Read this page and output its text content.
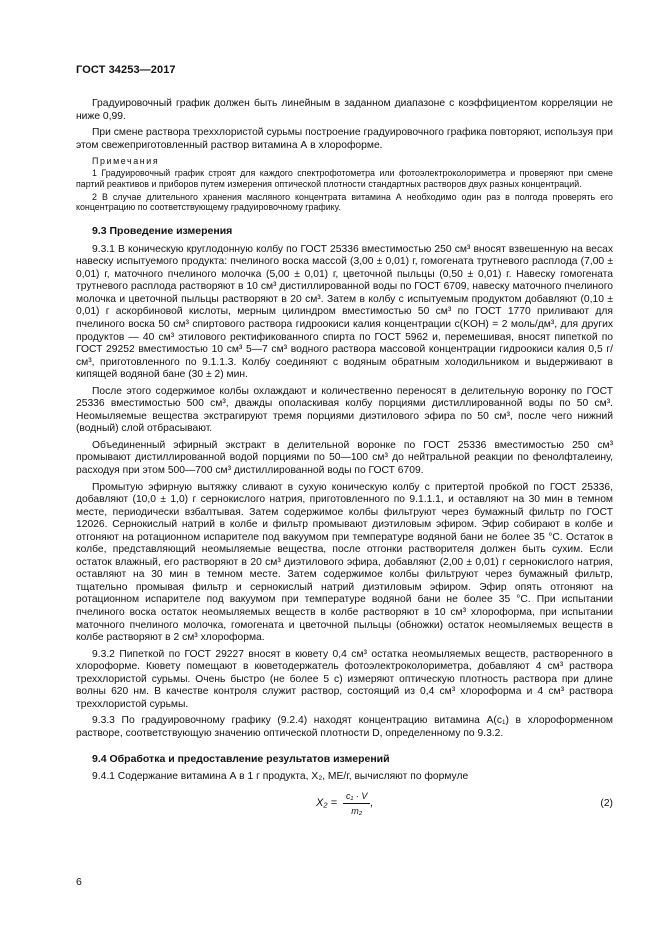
ГОСТ 34253—2017

Градуировочный график должен быть линейным в заданном диапазоне с коэффициентом корреляции не ниже 0,99.

При смене раствора треххлористой сурьмы построение градуировочного графика повторяют, используя при этом свежеприготовленный раствор витамина А в хлороформе.

Примечания

1 Градуировочный график строят для каждого спектрофотометра или фотоэлектроколориметра и проверяют при смене партий реактивов и приборов путем измерения оптической плотности стандартных растворов двух разных концентраций.

2 В случае длительного хранения масляного концентрата витамина А необходимо один раз в полгода проверять его концентрацию по соответствующему градуировочному графику.

9.3 Проведение измерения

9.3.1 В коническую круглодонную колбу по ГОСТ 25336 вместимостью 250 см³ вносят взвешенную на весах навеску испытуемого продукта: пчелиного воска массой (3,00 ± 0,01) г, гомогената трутневого расплода (7,00 ± 0,01) г, маточного пчелиного молочка (5,00 ± 0,01) г, цветочной пыльцы (0,50 ± 0,01) г. Навеску гомогената трутневого расплода растворяют в 10 см³ дистиллированной воды по ГОСТ 6709, навеску маточного пчелиного молочка и цветочной пыльцы растворяют в 20 см³. Затем в колбу с испытуемым продуктом добавляют (0,10 ± 0,01) г аскорбиновой кислоты, мерным цилиндром вместимостью 50 см³ по ГОСТ 1770 приливают для пчелиного воска 50 см³ спиртового раствора гидроокиси калия концентрации c(KOH) = 2 моль/дм³, для других продуктов — 40 см³ этилового ректификованного спирта по ГОСТ 5962 и, перемешивая, вносят пипеткой по ГОСТ 29252 вместимостью 10 см³ 5—7 см³ водного раствора массовой концентрации гидроокиси калия 0,5 г/см³, приготовленного по 9.1.1.3. Колбу соединяют с водяным обратным холодильником и выдерживают в кипящей водяной бане (30 ± 2) мин.

После этого содержимое колбы охлаждают и количественно переносят в делительную воронку по ГОСТ 25336 вместимостью 500 см³, дважды ополаскивая колбу порциями дистиллированной воды по 50 см³. Неомыляемые вещества экстрагируют тремя порциями диэтилового эфира по 50 см³, после чего нижний (водный) слой отбрасывают.

Объединенный эфирный экстракт в делительной воронке по ГОСТ 25336 вместимостью 250 см³ промывают дистиллированной водой порциями по 50—100 см³ до нейтральной реакции по фенолфталеину, расходуя при этом 500—700 см³ дистиллированной воды по ГОСТ 6709.

Промытую эфирную вытяжку сливают в сухую коническую колбу с притертой пробкой по ГОСТ 25336, добавляют (10,0 ± 1,0) г сернокислого натрия, приготовленного по 9.1.1.1, и оставляют на 30 мин в темном месте, периодически взбалтывая. Затем содержимое колбы фильтруют через бумажный фильтр по ГОСТ 12026. Сернокислый натрий в колбе и фильтр промывают диэтиловым эфиром. Эфир собирают в колбе и отгоняют на ротационном испарителе под вакуумом при температуре водяной бани не более 35 °C. Остаток в колбе, представляющий неомыляемые вещества, после отгонки растворителя должен быть сухим. Если остаток влажный, его растворяют в 20 см³ диэтилового эфира, добавляют (2,00 ± 0,01) г сернокислого натрия, оставляют на 30 мин в темном месте. Затем содержимое колбы фильтруют через бумажный фильтр, тщательно промывая фильтр и сернокислый натрий диэтиловым эфиром. Эфир опять отгоняют на ротационном испарителе под вакуумом при температуре водяной бани не более 35 °C. При испытании пчелиного воска остаток неомыляемых веществ в колбе растворяют в 10 см³ хлороформа, при испытании маточного пчелиного молочка, гомогената и цветочной пыльцы (обножки) остаток неомыляемых веществ в колбе растворяют в 2 см³ хлороформа.

9.3.2 Пипеткой по ГОСТ 29227 вносят в кювету 0,4 см³ остатка неомыляемых веществ, растворенного в хлороформе. Кювету помещают в кюветодержатель фотоэлектроколориметра, добавляют 4 см³ раствора треххлористой сурьмы. Очень быстро (не более 5 с) измеряют оптическую плотность раствора при длине волны 620 нм. В качестве контроля служит раствор, состоящий из 0,4 см³ хлороформа и 4 см³ раствора треххлористой сурьмы.

9.3.3 По градуировочному графику (9.2.4) находят концентрацию витамина A(c₁) в хлороформенном растворе, соответствующую значению оптической плотности D, определенному по 9.3.2.

9.4 Обработка и предоставление результатов измерений

9.4.1 Содержание витамина А в 1 г продукта, X₂, МЕ/г, вычисляют по формуле

$X_2 = \frac{\text{c₁ · V}}{\text{m₂}}$ ,	(2)
6
